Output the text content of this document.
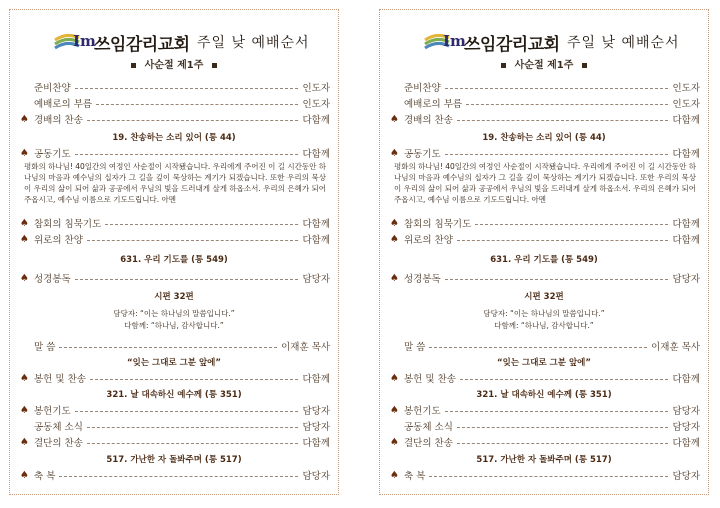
Im
쓰임감리교회 주일 낮 예배순서
사순절 제1주
준비찬양	인도자
예배로의 부름	인도자
♠ 경배의 찬송	다함께
19. 찬송하는 소리 있어 (통 44)
♠ 공동기도	다함께
평화의 하나님! 40일간의 여정인 사순절이 시작됐습니다. 우리에게 주어진 이 길 시간동안 하나님의 마음과 예수님의 십자가 그 길을 깊이 묵상하는 계기가 되겠습니다. 또한 우리의 묵상이 우리의 삶이 되어 삶과 공공에서 우님의 빛을 드러내게 살게 하옵소서. 우리의 은혜가 되어주옵시고, 예수님 이름으로 기도드립니다. 아멘
♠ 참회의 침묵기도	다함께
♠ 위로의 찬양	다함께
631. 우리 기도를 (통 549)
♠ 성경봉독	담당자
시편 32편
담당자: “이는 하나님의 말씀입니다.”
다함께: “하나님, 감사합니다.”
말 씀	이재훈 목사
“잊는 그대로 그분 앞에”
♠ 봉헌 및 찬송	다함께
321. 날 대속하신 예수께 (통 351)
♠ 봉헌기도	담당자
공동체 소식	담당자
♠ 결단의 찬송	다함께
517. 가난한 자 돌봐주며 (통 517)
♠ 축 복	담당자
Im
쓰임감리교회 주일 낮 예배순서
사순절 제1주
준비찬양	인도자
예배로의 부름	인도자
♠ 경배의 찬송	다함께
19. 찬송하는 소리 있어 (통 44)
♠ 공동기도	다함께
평화의 하나님! 40일간의 여정인 사순절이 시작됐습니다. 우리에게 주어진 이 길 시간동안 하나님의 마음과 예수님의 십자가 그 길을 깊이 묵상하는 계기가 되겠습니다. 또한 우리의 묵상이 우리의 삶이 되어 삶과 공공에서 우님의 빛을 드러내게 살게 하옵소서. 우리의 은혜가 되어주옵시고, 예수님 이름으로 기도드립니다. 아멘
♠ 참회의 침묵기도	다함께
♠ 위로의 찬양	다함께
631. 우리 기도를 (통 549)
♠ 성경봉독	담당자
시편 32편
담당자: “이는 하나님의 말씀입니다.”
다함께: “하나님, 감사합니다.”
말 씀	이재훈 목사
“잊는 그대로 그분 앞에”
♠ 봉헌 및 찬송	다함께
321. 날 대속하신 예수께 (통 351)
♠ 봉헌기도	담당자
공동체 소식	담당자
♠ 결단의 찬송	다함께
517. 가난한 자 돌봐주며 (통 517)
♠ 축 복	담당자
